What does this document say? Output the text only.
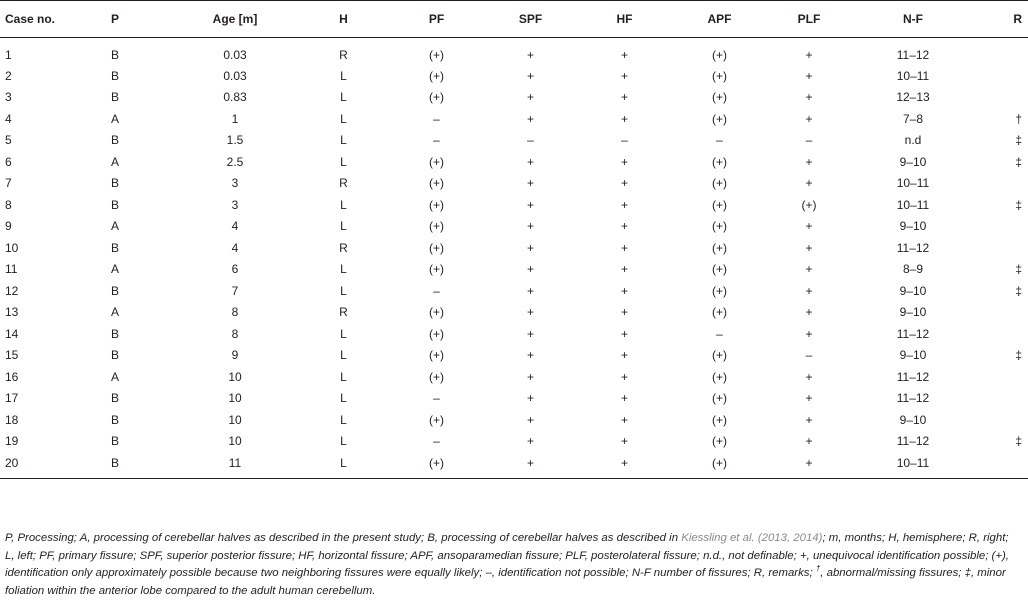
Case no.	P	Age [m]	H	PF	SPF	HF	APF	PLF	N-F	R
1	B	0.03	R	(+)	+	+	(+)	+	11–12	
2	B	0.03	L	(+)	+	+	(+)	+	10–11	
3	B	0.83	L	(+)	+	+	(+)	+	12–13	
4	A	1	L	–	+	+	(+)	+	7–8	†
5	B	1.5	L	–	–	–	–	–	n.d	‡
6	A	2.5	L	(+)	+	+	(+)	+	9–10	‡
7	B	3	R	(+)	+	+	(+)	+	10–11	
8	B	3	L	(+)	+	+	(+)	(+)	10–11	‡
9	A	4	L	(+)	+	+	(+)	+	9–10	
10	B	4	R	(+)	+	+	(+)	+	11–12	
11	A	6	L	(+)	+	+	(+)	+	8–9	‡
12	B	7	L	–	+	+	(+)	+	9–10	‡
13	A	8	R	(+)	+	+	(+)	+	9–10	
14	B	8	L	(+)	+	+	–	+	11–12	
15	B	9	L	(+)	+	+	(+)	–	9–10	‡
16	A	10	L	(+)	+	+	(+)	+	11–12	
17	B	10	L	–	+	+	(+)	+	11–12	
18	B	10	L	(+)	+	+	(+)	+	9–10	
19	B	10	L	–	+	+	(+)	+	11–12	‡
20	B	11	L	(+)	+	+	(+)	+	10–11	
P, Processing; A, processing of cerebellar halves as described in the present study; B, processing of cerebellar halves as described in Kiessling et al. (2013, 2014); m, months; H, hemisphere; R, right; L, left; PF, primary fissure; SPF, superior posterior fissure; HF, horizontal fissure; APF, ansoparamedian fissure; PLF, posterolateral fissure; n.d., not definable; +, unequivocal identification possible; (+), identification only approximately possible because two neighboring fissures were equally likely; –, identification not possible; N-F number of fissures; R, remarks; †, abnormal/missing fissures; ‡, minor foliation within the anterior lobe compared to the adult human cerebellum.
